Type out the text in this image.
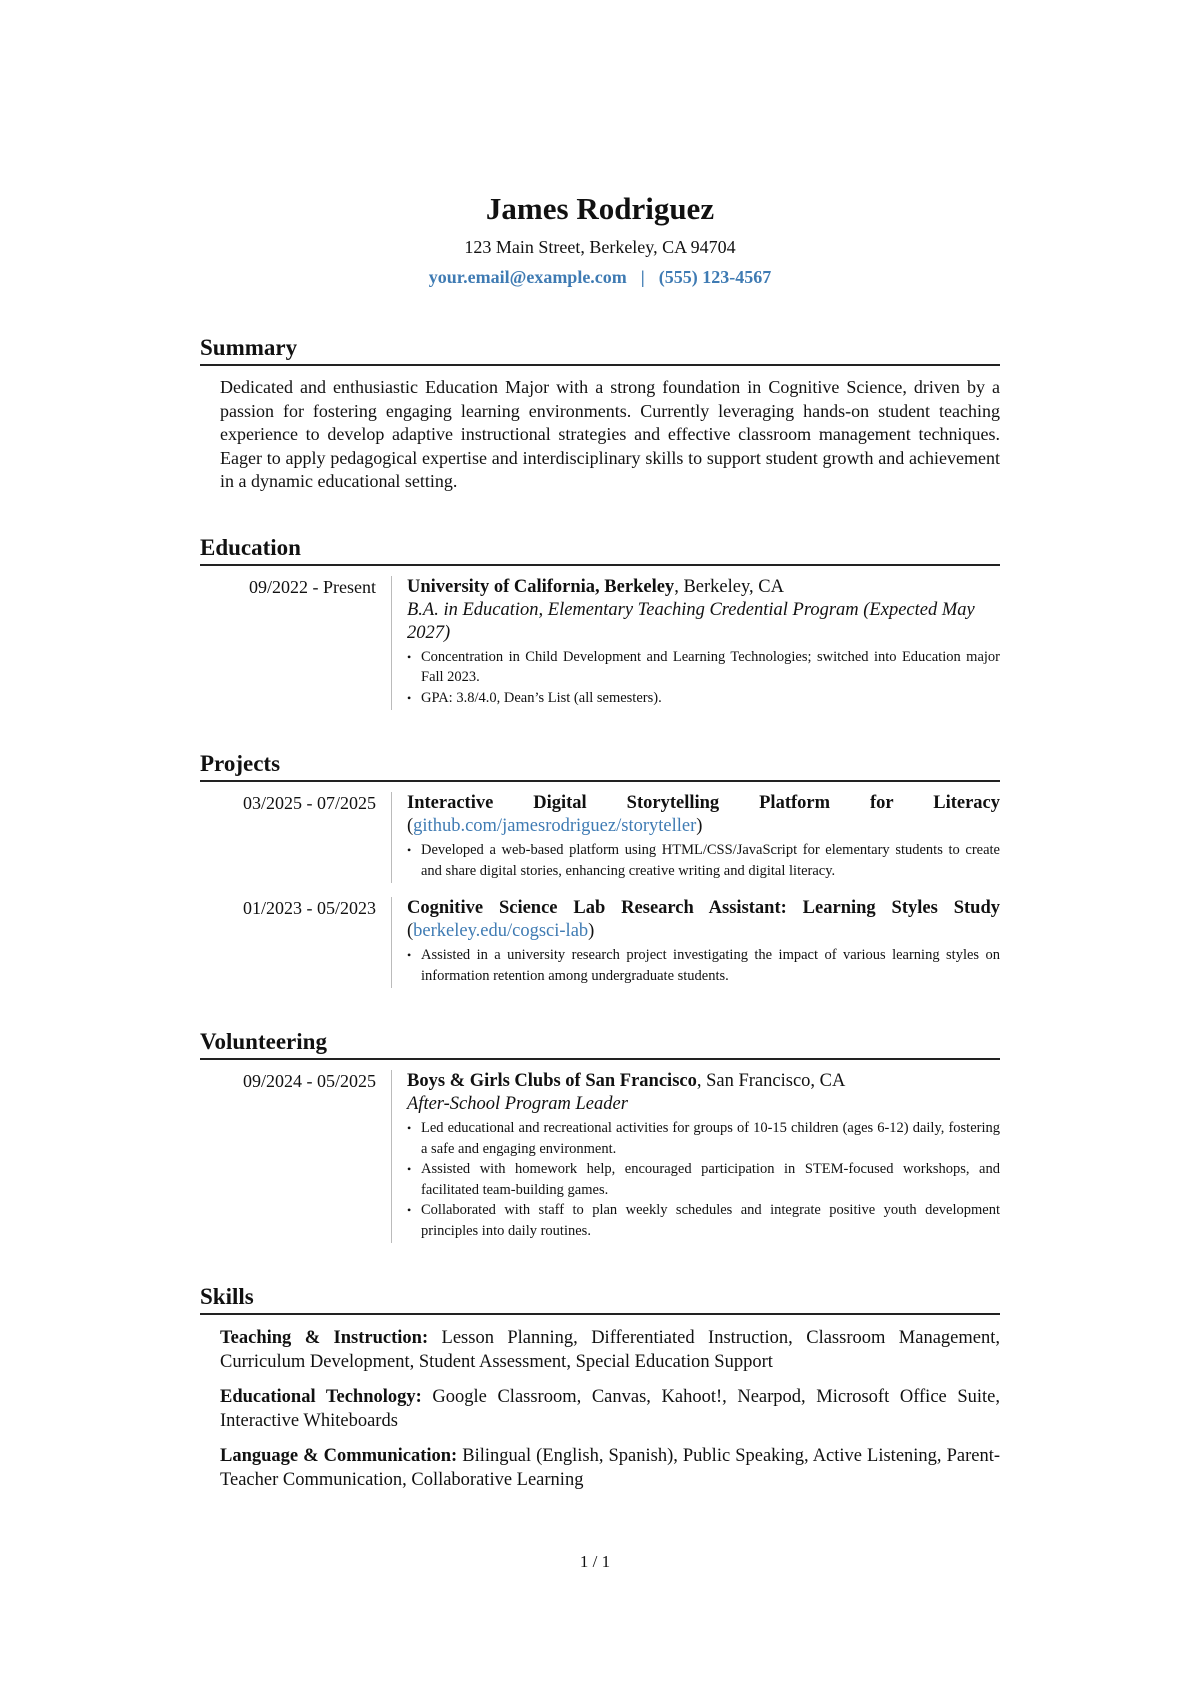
James Rodriguez
123 Main Street, Berkeley, CA 94704
your.email@example.com | (555) 123-4567
Summary
Dedicated and enthusiastic Education Major with a strong foundation in Cognitive Science, driven by a passion for fostering engaging learning environments. Currently leveraging hands-on student teaching experience to develop adaptive instructional strategies and effective classroom management techniques. Eager to apply pedagogical expertise and interdisciplinary skills to support student growth and achievement in a dynamic educational setting.
Education
09/2022 - Present	University of California, Berkeley, Berkeley, CA
B.A. in Education, Elementary Teaching Credential Program (Expected May 2027)
• Concentration in Child Development and Learning Technologies; switched into Education major Fall 2023.
• GPA: 3.8/4.0, Dean’s List (all semesters).
Projects
03/2025 - 07/2025	Interactive Digital Storytelling Platform for Literacy (github.com/jamesrodriguez/storyteller)
• Developed a web-based platform using HTML/CSS/JavaScript for elementary students to create and share digital stories, enhancing creative writing and digital literacy.
01/2023 - 05/2023	Cognitive Science Lab Research Assistant: Learning Styles Study (berkeley.edu/cogsci-lab)
• Assisted in a university research project investigating the impact of various learning styles on information retention among undergraduate students.
Volunteering
09/2024 - 05/2025	Boys & Girls Clubs of San Francisco, San Francisco, CA
After-School Program Leader
• Led educational and recreational activities for groups of 10-15 children (ages 6-12) daily, fostering a safe and engaging environment.
• Assisted with homework help, encouraged participation in STEM-focused workshops, and facilitated team-building games.
• Collaborated with staff to plan weekly schedules and integrate positive youth development principles into daily routines.
Skills
Teaching & Instruction: Lesson Planning, Differentiated Instruction, Classroom Management, Curriculum Development, Student Assessment, Special Education Support
Educational Technology: Google Classroom, Canvas, Kahoot!, Nearpod, Microsoft Office Suite, Interactive Whiteboards
Language & Communication: Bilingual (English, Spanish), Public Speaking, Active Listening, Parent-Teacher Communication, Collaborative Learning
1 / 1
